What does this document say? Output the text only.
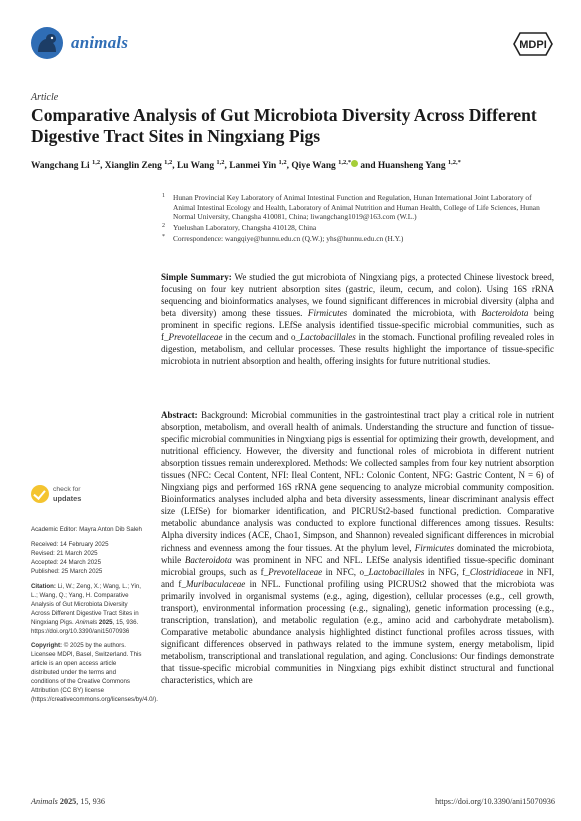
animals	MDPI
Article
Comparative Analysis of Gut Microbiota Diversity Across Different Digestive Tract Sites in Ningxiang Pigs
Wangchang Li $^{1,2}$, Xianglin Zeng $^{1,2}$, Lu Wang $^{1,2}$, Lanmei Yin $^{1,2}$, Qiye Wang $^{1,2,*}$ and Huansheng Yang $^{1,2,*}$
1 Hunan Provincial Key Laboratory of Animal Intestinal Function and Regulation, Hunan International Joint Laboratory of Animal Intestinal Ecology and Health, Laboratory of Animal Nutrition and Human Health, College of Life Sciences, Hunan Normal University, Changsha 410081, China; liwangchang1019@163.com (W.L.)
2 Yuelushan Laboratory, Changsha 410128, China
* Correspondence: wangqiye@hunnu.edu.cn (Q.W.); yhs@hunnu.edu.cn (H.Y.)
Simple Summary: We studied the gut microbiota of Ningxiang pigs, a protected Chinese livestock breed, focusing on four key nutrient absorption sites (gastric, ileum, cecum, and colon). Using 16S rRNA sequencing and bioinformatics analyses, we found significant differences in microbial diversity (alpha and beta diversity) among these tissues. Firmicutes dominated the microbiota, with Bacteroidota being prominent in specific regions. LEfSe analysis identified tissue-specific microbial communities, such as f_Prevotellaceae in the cecum and o_Lactobacillales in the stomach. Functional profiling revealed roles in digestion, metabolism, and cellular processes. These results highlight the importance of tissue-specific microbiota in nutrient absorption and health, offering insights for future nutritional studies.
Abstract: Background: Microbial communities in the gastrointestinal tract play a critical role in nutrient absorption, metabolism, and overall health of animals. Understanding the structure and function of tissue-specific microbial communities in Ningxiang pigs is essential for optimizing their growth, development, and nutritional efficiency. However, the diversity and functional roles of microbiota in different nutrient absorption tissues remain underexplored. Methods: We collected samples from four key nutrient absorption tissues (NFC: Cecal Content, NFI: Ileal Content, NFL: Colonic Content, NFG: Gastric Content, N = 6) of Ningxiang pigs and performed 16S rRNA gene sequencing to analyze microbial community composition. Bioinformatics analyses included alpha and beta diversity assessments, linear discriminant analysis effect size (LEfSe) for biomarker identification, and PICRUSt2-based functional prediction. Comparative metabolic abundance analysis was conducted to explore functional differences among tissues. Results: Alpha diversity indices (ACE, Chao1, Simpson, and Shannon) revealed significant differences in microbial richness and evenness among the four tissues. At the phylum level, Firmicutes dominated the microbiota, while Bacteroidota was prominent in NFC and NFL. LEfSe analysis identified tissue-specific dominant microbial groups, such as f_Prevotellaceae in NFC, o_Lactobacillales in NFG, f_Clostridiaceae in NFI, and f_Muribaculaceae in NFL. Functional profiling using PICRUSt2 showed that the microbiota was primarily involved in organismal systems (e.g., aging, digestion), cellular processes (e.g., cell growth, transport), environmental information processing (e.g., signaling), genetic information processing (e.g., transcription, translation), and metabolic regulation (e.g., amino acid and carbohydrate metabolism). Comparative metabolic abundance analysis highlighted distinct functional profiles across tissues, with significant differences observed in pathways related to the immune system, energy metabolism, lipid metabolism, transcriptional and translational regulation, and aging. Conclusions: Our findings demonstrate that tissue-specific microbial communities in Ningxiang pigs exhibit distinct structural and functional characteristics, which are
check for
updates

Academic Editor: Mayra Anton Dib Saleh

Received: 14 February 2025
Revised: 21 March 2025
Accepted: 24 March 2025
Published: 25 March 2025

Citation: Li, W.; Zeng, X.; Wang, L.; Yin, L.; Wang, Q.; Yang, H. Comparative Analysis of Gut Microbiota Diversity Across Different Digestive Tract Sites in Ningxiang Pigs. Animals 2025, 15, 936. https://doi.org/10.3390/ani15070936

Copyright: © 2025 by the authors. Licensee MDPI, Basel, Switzerland. This article is an open access article distributed under the terms and conditions of the Creative Commons Attribution (CC BY) license (https://creativecommons.org/licenses/by/4.0/).

Animals 2025, 15, 936	https://doi.org/10.3390/ani15070936
